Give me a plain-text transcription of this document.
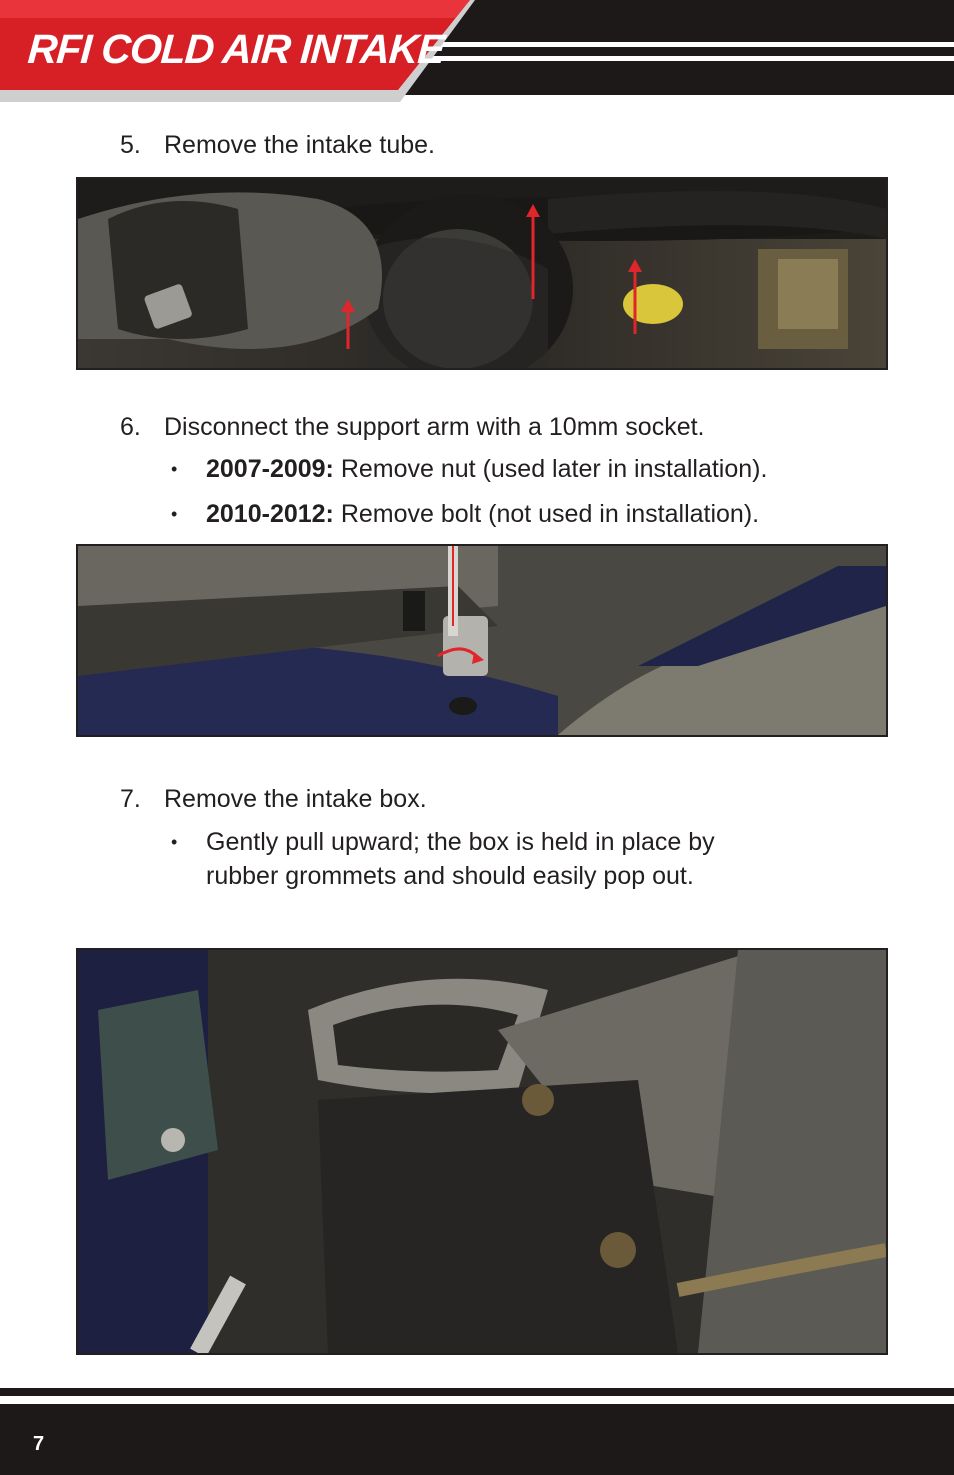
RFI COLD AIR INTAKE
5. Remove the intake tube.
6. Disconnect the support arm with a 10mm socket.
• 2007-2009: Remove nut (used later in installation).
• 2010-2012: Remove bolt (not used in installation).
7. Remove the intake box.
• Gently pull upward; the box is held in place by
rubber grommets and should easily pop out.
7
